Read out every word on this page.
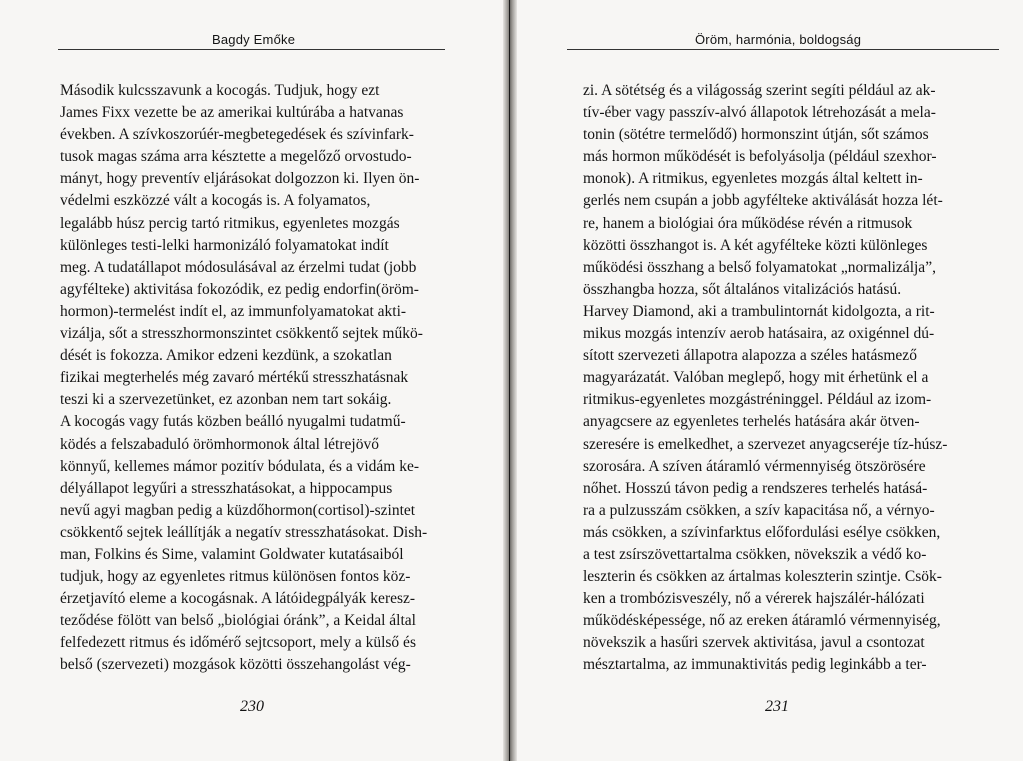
Bagdy Emőke
Második kulcsszavunk a kocogás. Tudjuk, hogy ezt
James Fixx vezette be az amerikai kultúrába a hatvanas
években. A szívkoszorúér-megbetegedések és szívinfark-
tusok magas száma arra késztette a megelőző orvostudo-
mányt, hogy preventív eljárásokat dolgozzon ki. Ilyen ön-
védelmi eszközzé vált a kocogás is. A folyamatos,
legalább húsz percig tartó ritmikus, egyenletes mozgás
különleges testi-lelki harmonizáló folyamatokat indít
meg. A tudatállapot módosulásával az érzelmi tudat (jobb
agyfélteke) aktivitása fokozódik, ez pedig endorfin(öröm-
hormon)-termelést indít el, az immunfolyamatokat akti-
vizálja, sőt a stresszhormonszintet csökkentő sejtek műkö-
dését is fokozza. Amikor edzeni kezdünk, a szokatlan
fizikai megterhelés még zavaró mértékű stresszhatásnak
teszi ki a szervezetünket, ez azonban nem tart sokáig.
A kocogás vagy futás közben beálló nyugalmi tudatmű-
ködés a felszabaduló örömhormonok által létrejövő
könnyű, kellemes mámor pozitív bódulata, és a vidám ke-
délyállapot legyűri a stresszhatásokat, a hippocampus
nevű agyi magban pedig a küzdőhormon(cortisol)-szintet
csökkentő sejtek leállítják a negatív stresszhatásokat. Dish-
man, Folkins és Sime, valamint Goldwater kutatásaiból
tudjuk, hogy az egyenletes ritmus különösen fontos köz-
érzetjavító eleme a kocogásnak. A látóidegpályák keresz-
teződése fölött van belső „biológiai óránk”, a Keidal által
felfedezett ritmus és időmérő sejtcsoport, mely a külső és
belső (szervezeti) mozgások közötti összehangolást vég-
230
Öröm, harmónia, boldogság
zi. A sötétség és a világosság szerint segíti például az ak-
tív-éber vagy passzív-alvó állapotok létrehozását a mela-
tonin (sötétre termelődő) hormonszint útján, sőt számos
más hormon működését is befolyásolja (például szexhor-
monok). A ritmikus, egyenletes mozgás által keltett in-
gerlés nem csupán a jobb agyfélteke aktiválását hozza lét-
re, hanem a biológiai óra működése révén a ritmusok
közötti összhangot is. A két agyfélteke közti különleges
működési összhang a belső folyamatokat „normalizálja”,
összhangba hozza, sőt általános vitalizációs hatású.
Harvey Diamond, aki a trambulintornát kidolgozta, a rit-
mikus mozgás intenzív aerob hatásaira, az oxigénnel dú-
sított szervezeti állapotra alapozza a széles hatásmező
magyarázatát. Valóban meglepő, hogy mit érhetünk el a
ritmikus-egyenletes mozgástréninggel. Például az izom-
anyagcsere az egyenletes terhelés hatására akár ötven-
szeresére is emelkedhet, a szervezet anyagcseréje tíz-húsz-
szorosára. A szíven átáramló vérmennyiség ötszörösére
nőhet. Hosszú távon pedig a rendszeres terhelés hatásá-
ra a pulzusszám csökken, a szív kapacitása nő, a vérnyo-
más csökken, a szívinfarktus előfordulási esélye csökken,
a test zsírszövettartalma csökken, növekszik a védő ko-
leszterin és csökken az ártalmas koleszterin szintje. Csök-
ken a trombózisveszély, nő a vérerek hajszálér-hálózati
működésképessége, nő az ereken átáramló vérmennyiség,
növekszik a hasűri szervek aktivitása, javul a csontozat
mésztartalma, az immunaktivitás pedig leginkább a ter-
231
